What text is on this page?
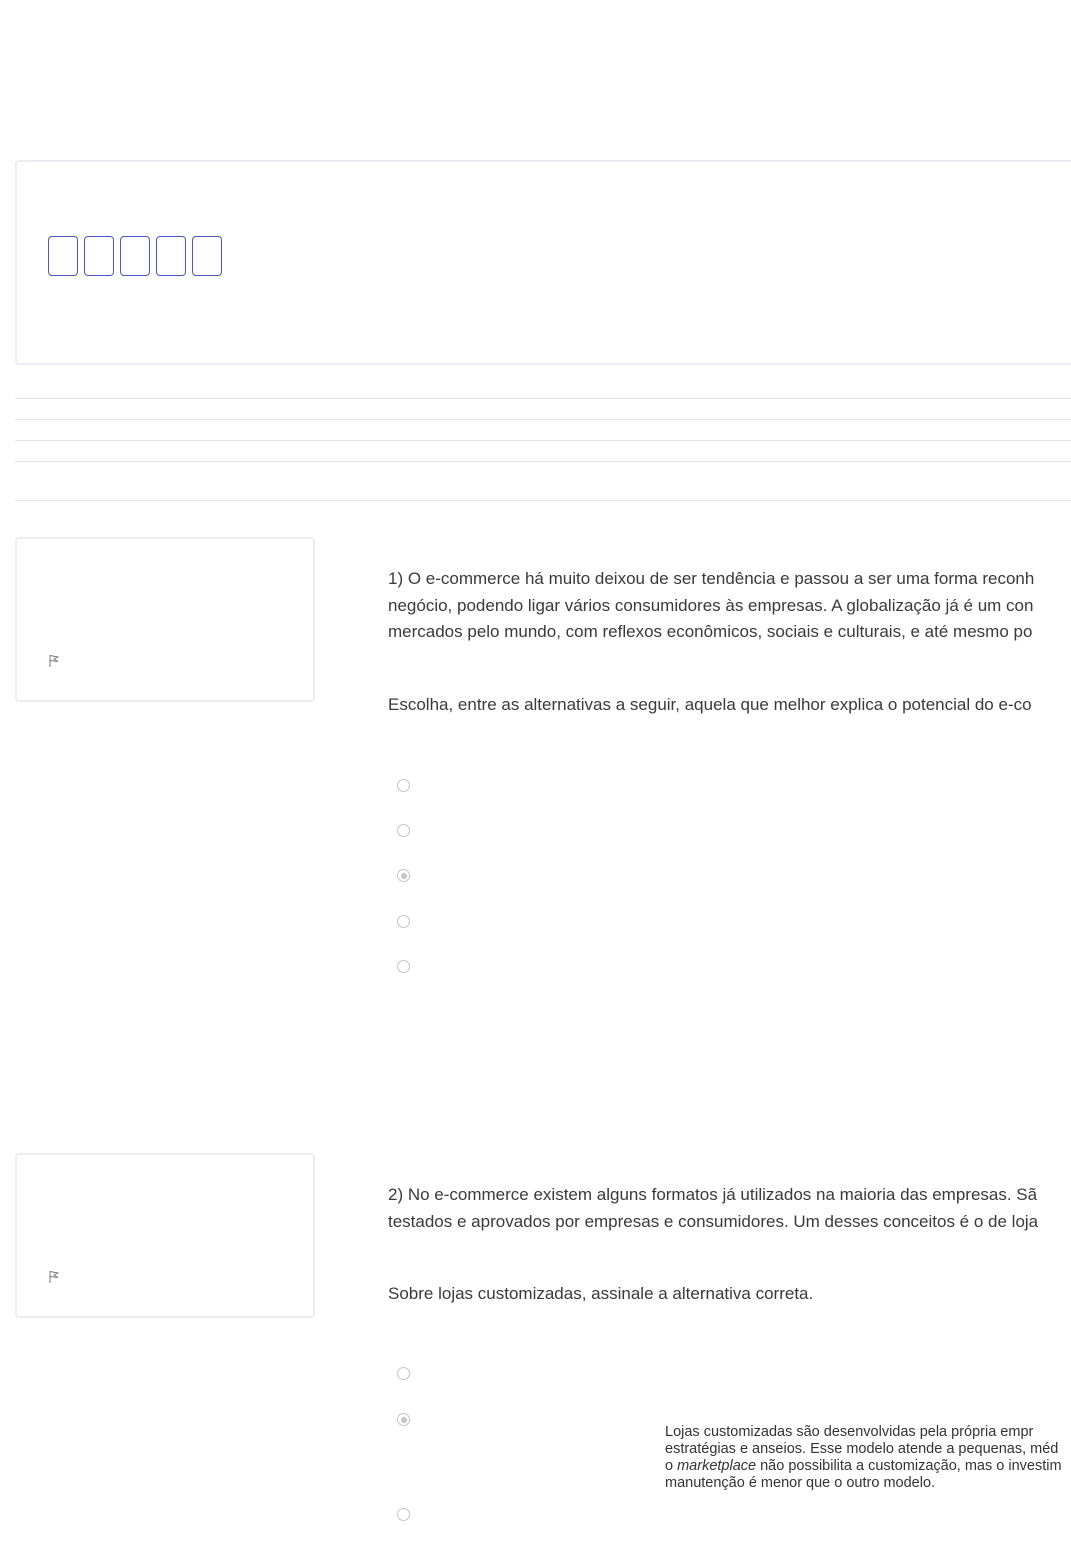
1) O e-commerce há muito deixou de ser tendência e passou a ser uma forma reconh

negócio, podendo ligar vários consumidores às empresas. A globalização já é um con

mercados pelo mundo, com reflexos econômicos, sociais e culturais, e até mesmo po

Escolha, entre as alternativas a seguir, aquela que melhor explica o potencial do e-co

2) No e-commerce existem alguns formatos já utilizados na maioria das empresas. Sã

testados e aprovados por empresas e consumidores. Um desses conceitos é o de loja

Sobre lojas customizadas, assinale a alternativa correta.

Lojas customizadas são desenvolvidas pela própria empr

estratégias e anseios. Esse modelo atende a pequenas, méd

o marketplace não possibilita a customização, mas o investim

manutenção é menor que o outro modelo.
